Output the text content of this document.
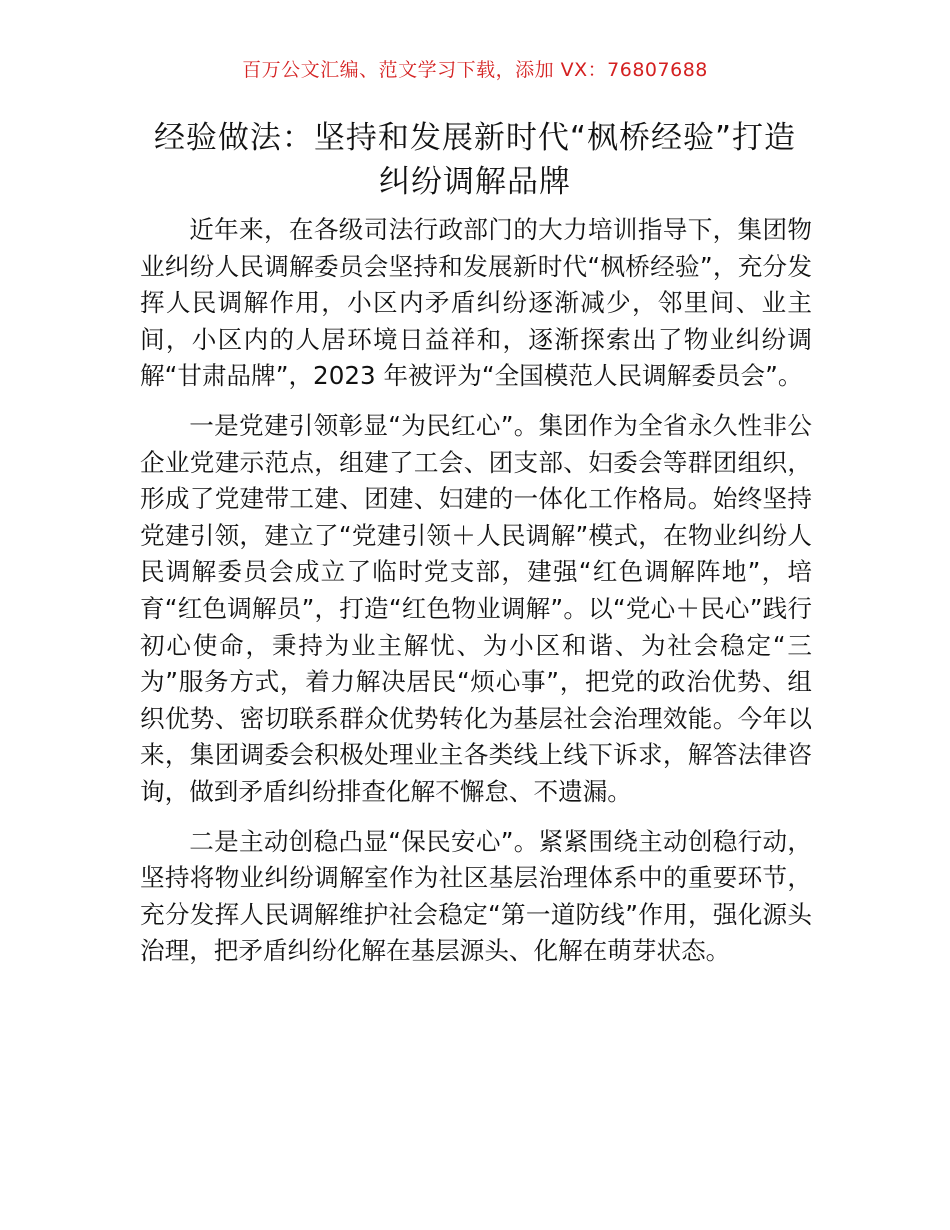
百万公文汇编、范文学习下载，添加 VX：76807688
经验做法：坚持和发展新时代“枫桥经验”打造纠纷调解品牌

近年来，在各级司法行政部门的大力培训指导下，集团物业纠纷人民调解委员会坚持和发展新时代“枫桥经验”，充分发挥人民调解作用，小区内矛盾纠纷逐渐减少，邻里间、业主间，小区内的人居环境日益祥和，逐渐探索出了物业纠纷调解“甘肃品牌”，2023 年被评为“全国模范人民调解委员会”。

一是党建引领彰显“为民红心”。集团作为全省永久性非公企业党建示范点，组建了工会、团支部、妇委会等群团组织，形成了党建带工建、团建、妇建的一体化工作格局。始终坚持党建引领，建立了“党建引领＋人民调解”模式，在物业纠纷人民调解委员会成立了临时党支部，建强“红色调解阵地”，培育“红色调解员”，打造“红色物业调解”。以“党心＋民心”践行初心使命，秉持为业主解忧、为小区和谐、为社会稳定“三为”服务方式，着力解决居民“烦心事”，把党的政治优势、组织优势、密切联系群众优势转化为基层社会治理效能。今年以来，集团调委会积极处理业主各类线上线下诉求，解答法律咨询，做到矛盾纠纷排查化解不懈怠、不遗漏。

二是主动创稳凸显“保民安心”。紧紧围绕主动创稳行动，坚持将物业纠纷调解室作为社区基层治理体系中的重要环节，充分发挥人民调解维护社会稳定“第一道防线”作用，强化源头治理，把矛盾纠纷化解在基层源头、化解在萌芽状态。
